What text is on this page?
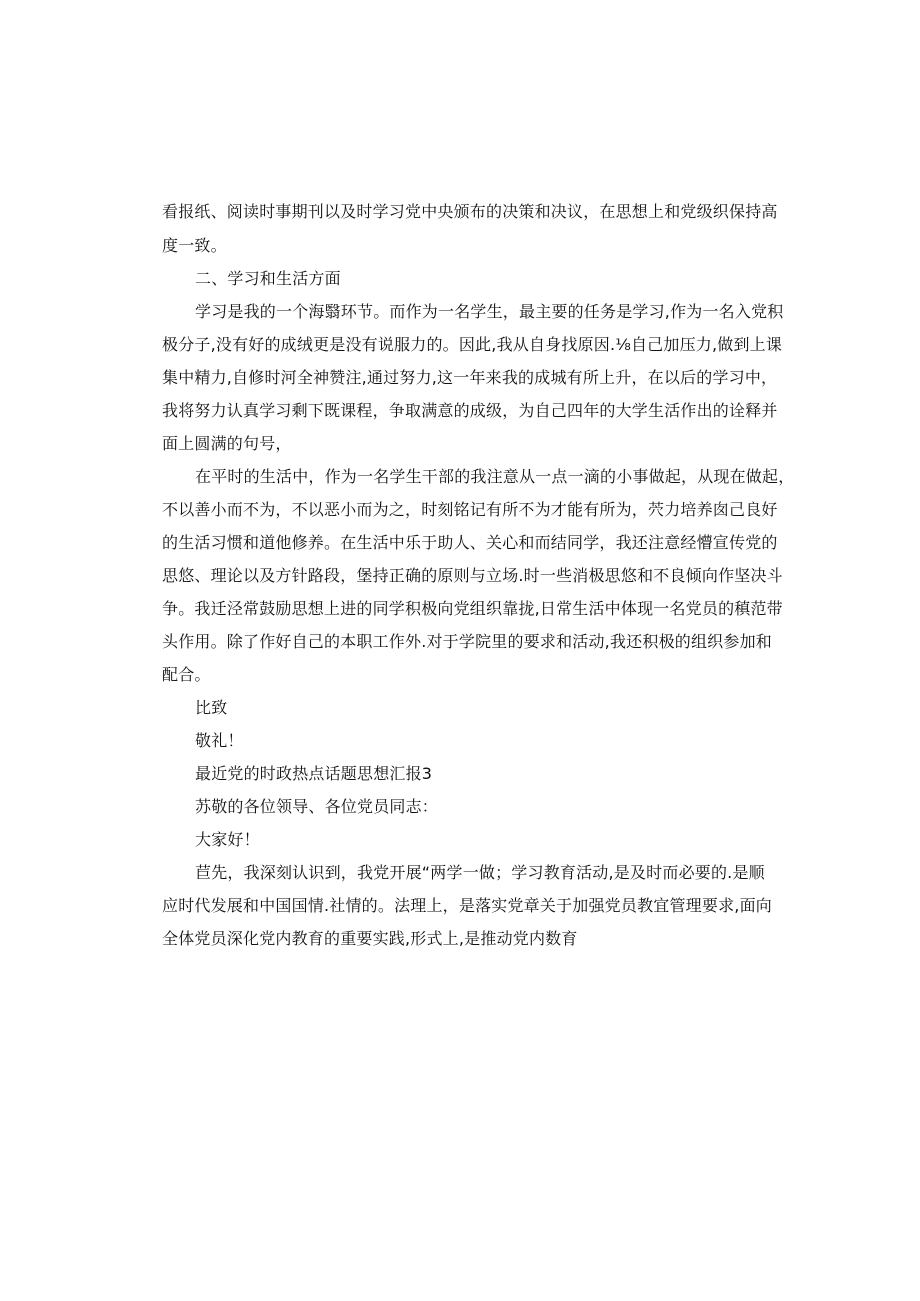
看报纸、阅读时事期刊以及时学习党中央颁布的决策和决议，在思想上和党级织保持高
度一致。
二、学习和生活方面
学习是我的一个海翳环节。而作为一名学生，最主要的任务是学习,作为一名入党积
极分子,没有好的成绒更是没有说服力的。因此,我从自身找原因.⅛自己加压力,做到上课
集中精力,自修时河全神赞注,通过努力,这一年来我的成城有所上升，在以后的学习中，
我将努力认真学习剩下既课程，争取满意的成级，为自己四年的大学生活作出的诠释并
面上圆满的句号，
在平时的生活中，作为一名学生干部的我注意从一点一滴的小事做起，从现在做起，
不以善小而不为，不以恶小而为之，时刻铭记有所不为才能有所为，茓力培养囱己良好
的生活习惯和道他修养。在生活中乐于助人、关心和而结同学，我还注意经懵宣传党的
思悠、理论以及方针路段，堡持正确的原则与立场.时一些消极思悠和不良倾向作坚决斗
争。我迁泾常鼓励思想上进的同学积极向党组织靠拢,日常生活中体现一名党员的稹范带
头作用。除了作好自己的本职工作外.对于学院里的要求和活动,我还积极的组织参加和
配合。
比致
敬礼！
最近党的时政热点话题思想汇报3
苏敬的各位领导、各位党员同志：
大家好！
苣先，我深刻认识到，我党开展“两学一做；学习教育活动,是及时而必要的.是顺
应时代发展和中国国情.社情的。法理上，是落实党章关于加强党员教宜管理要求,面向
全体党员深化党内教育的重要实践,形式上,是推动党内数育
